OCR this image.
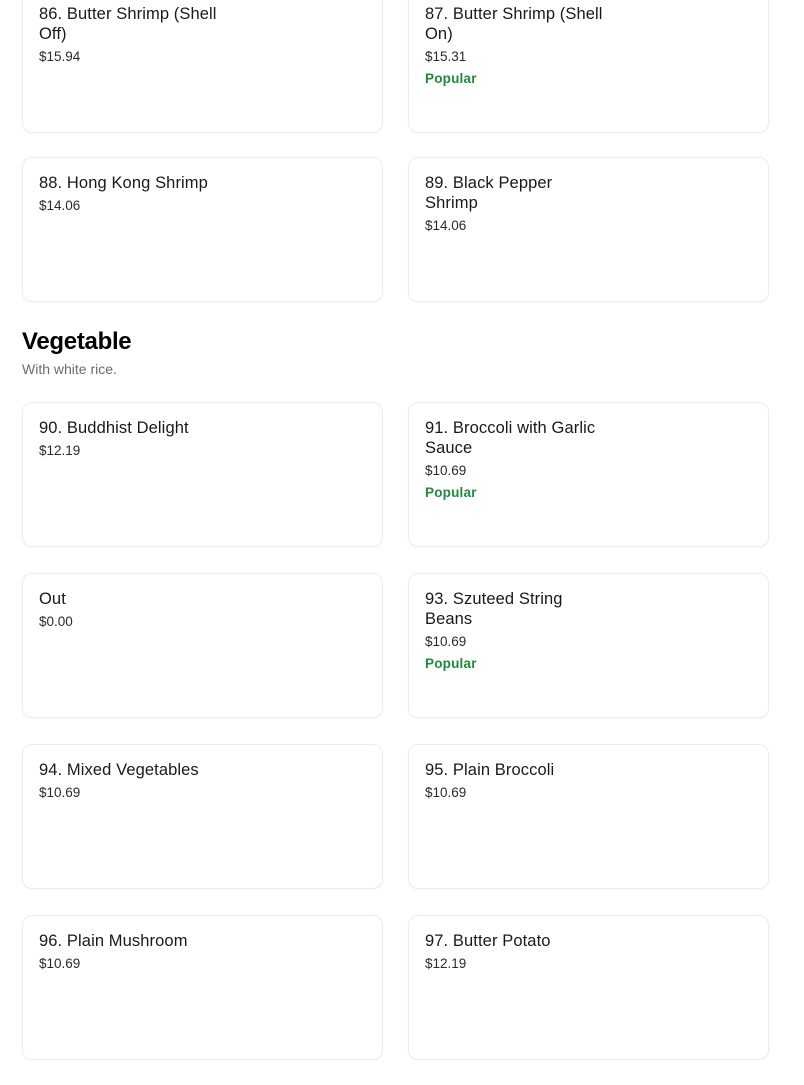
86. Butter Shrimp (Shell Off)
$15.94
87. Butter Shrimp (Shell On)
$15.31
Popular
88. Hong Kong Shrimp
$14.06
89. Black Pepper Shrimp
$14.06
Vegetable

With white rice.

90. Buddhist Delight
$12.19
91. Broccoli with Garlic Sauce
$10.69
Popular
Out
$0.00
93. Szuteed String Beans
$10.69
Popular
94. Mixed Vegetables
$10.69
95. Plain Broccoli
$10.69
96. Plain Mushroom
$10.69
97. Butter Potato
$12.19
